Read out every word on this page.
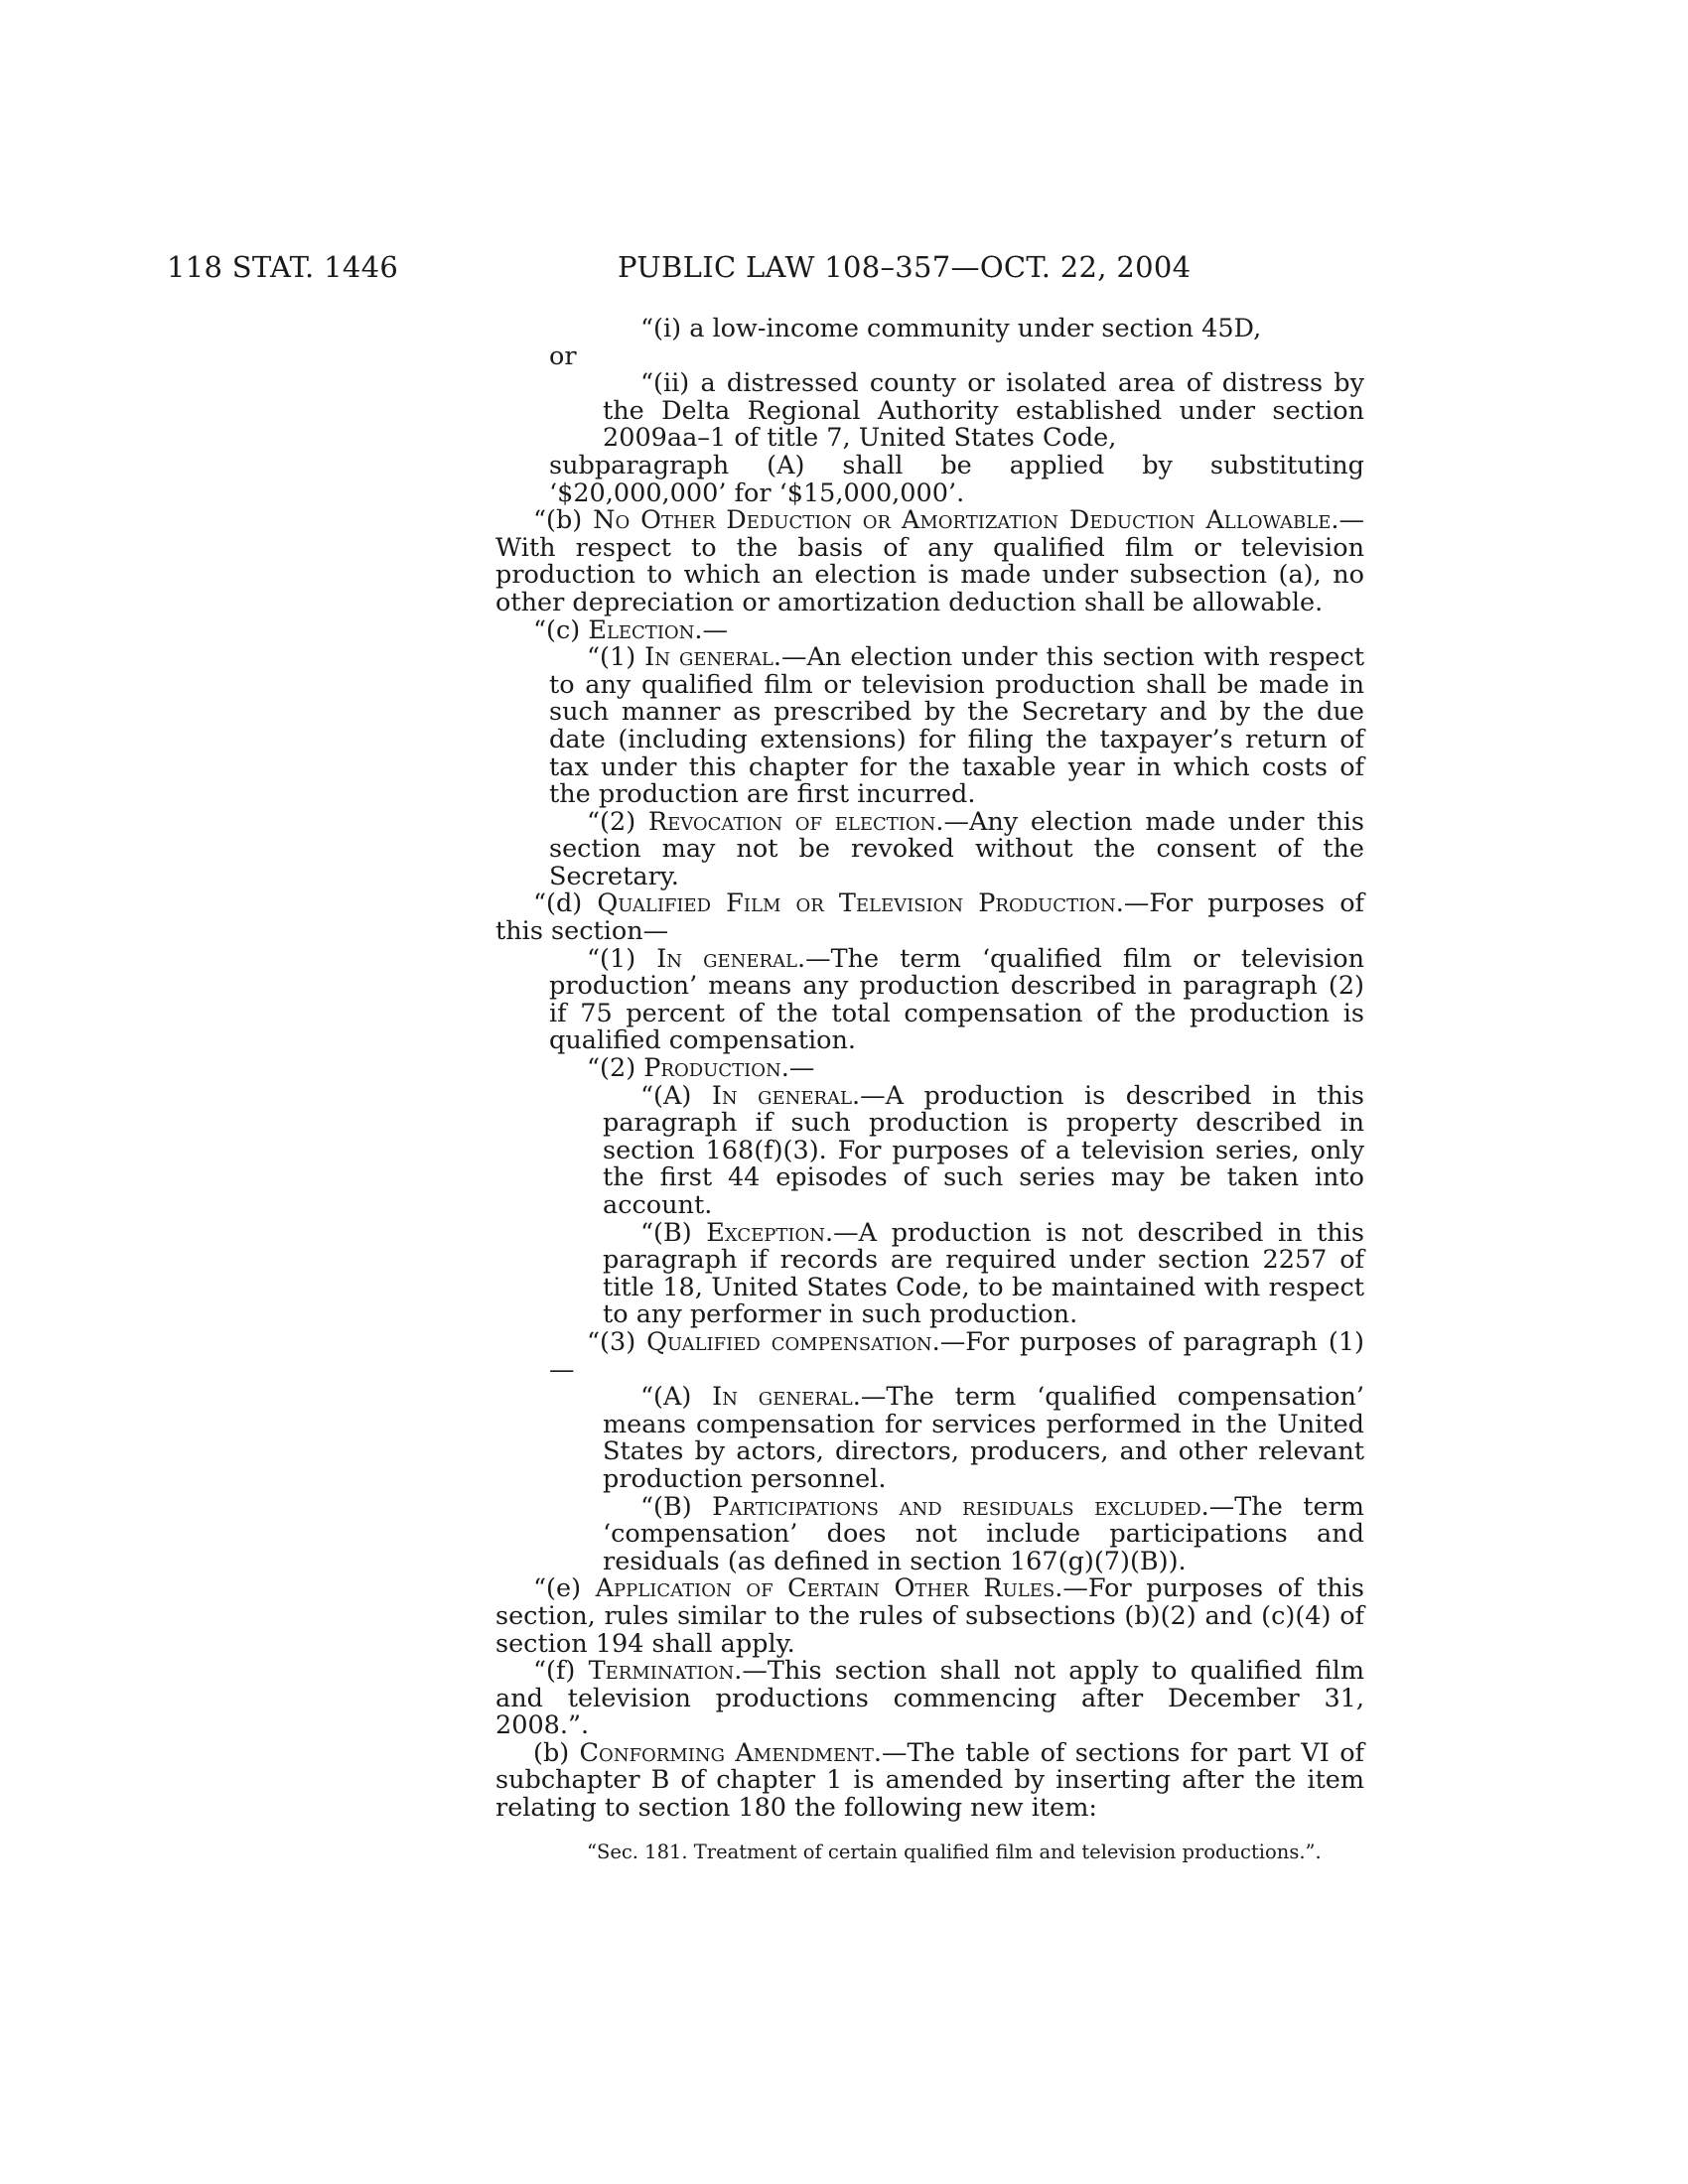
118 STAT. 1446	PUBLIC LAW 108–357—OCT. 22, 2004

“(i) a low-income community under section 45D,

or

“(ii) a distressed county or isolated area of distress by the Delta Regional Authority established under section 2009aa–1 of title 7, United States Code,

subparagraph (A) shall be applied by substituting ‘$20,000,000’ for ‘$15,000,000’.

“(b) No Other Deduction or Amortization Deduction Allowable.—With respect to the basis of any qualified film or television production to which an election is made under subsection (a), no other depreciation or amortization deduction shall be allowable.

“(c) Election.—

“(1) In general.—An election under this section with respect to any qualified film or television production shall be made in such manner as prescribed by the Secretary and by the due date (including extensions) for filing the taxpayer’s return of tax under this chapter for the taxable year in which costs of the production are first incurred.

“(2) Revocation of election.—Any election made under this section may not be revoked without the consent of the Secretary.

“(d) Qualified Film or Television Production.—For purposes of this section—

“(1) In general.—The term ‘qualified film or television production’ means any production described in paragraph (2) if 75 percent of the total compensation of the production is qualified compensation.

“(2) Production.—

“(A) In general.—A production is described in this paragraph if such production is property described in section 168(f)(3). For purposes of a television series, only the first 44 episodes of such series may be taken into account.

“(B) Exception.—A production is not described in this paragraph if records are required under section 2257 of title 18, United States Code, to be maintained with respect to any performer in such production.

“(3) Qualified compensation.—For purposes of paragraph (1)—

“(A) In general.—The term ‘qualified compensation’ means compensation for services performed in the United States by actors, directors, producers, and other relevant production personnel.

“(B) Participations and residuals excluded.—The term ‘compensation’ does not include participations and residuals (as defined in section 167(g)(7)(B)).

“(e) Application of Certain Other Rules.—For purposes of this section, rules similar to the rules of subsections (b)(2) and (c)(4) of section 194 shall apply.

“(f) Termination.—This section shall not apply to qualified film and television productions commencing after December 31, 2008.”.

(b) Conforming Amendment.—The table of sections for part VI of subchapter B of chapter 1 is amended by inserting after the item relating to section 180 the following new item:

“Sec. 181. Treatment of certain qualified film and television productions.”.
